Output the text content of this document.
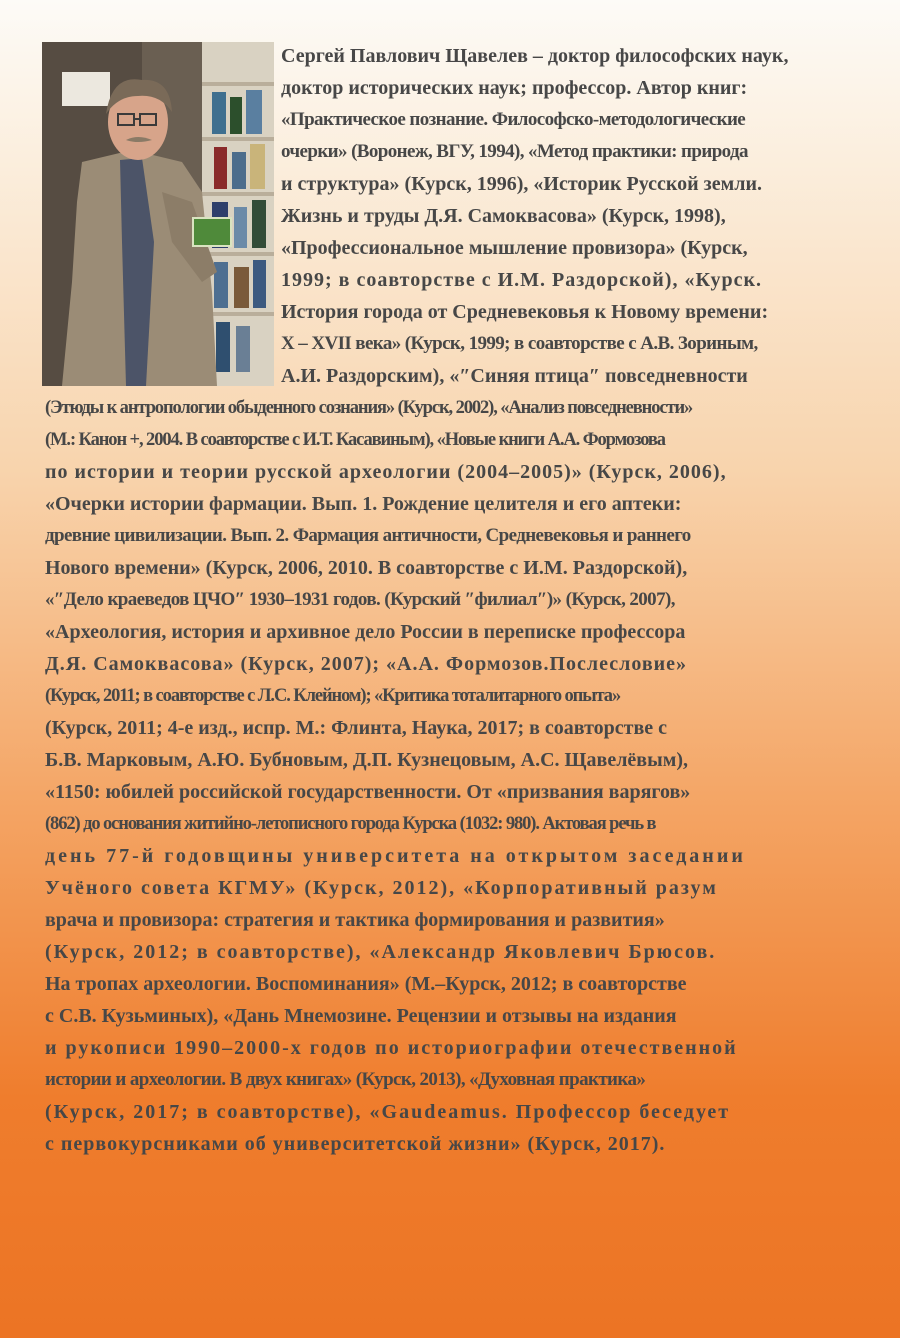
Сергей Павлович Щавелев – доктор философских наук,
доктор исторических наук; профессор. Автор книг:
«Практическое познание. Философско-методологические
очерки» (Воронеж, ВГУ, 1994), «Метод практики: природа
и структура» (Курск, 1996), «Историк Русской земли.
Жизнь и труды Д.Я. Самоквасова» (Курск, 1998),
«Профессиональное мышление провизора» (Курск,
1999; в соавторстве с И.М. Раздорской), «Курск.
История города от Средневековья к Новому времени:
X – XVII века» (Курск, 1999; в соавторстве с А.В. Зориным,
А.И. Раздорским), «″Синяя птица″ повседневности
(Этюды к антропологии обыденного сознания» (Курск, 2002), «Анализ повседневности»
(М.: Канон +, 2004. В соавторстве с И.Т. Касавиным), «Новые книги А.А. Формозова
по истории и теории русской археологии (2004–2005)» (Курск, 2006),
«Очерки истории фармации. Вып. 1. Рождение целителя и его аптеки:
древние цивилизации. Вып. 2. Фармация античности, Средневековья и раннего
Нового времени» (Курск, 2006, 2010. В соавторстве с И.М. Раздорской),
«″Дело краеведов ЦЧО″ 1930–1931 годов. (Курский ″филиал″)» (Курск, 2007),
«Археология, история и архивное дело России в переписке профессора
Д.Я. Самоквасова» (Курск, 2007); «А.А. Формозов.Послесловие»
(Курск, 2011; в соавторстве с Л.С. Клейном); «Критика тоталитарного опыта»
(Курск, 2011; 4-е изд., испр. М.: Флинта, Наука, 2017; в соавторстве с
Б.В. Марковым, А.Ю. Бубновым, Д.П. Кузнецовым, А.С. Щавелёвым),
«1150: юбилей российской государственности. От «призвания варягов»
(862) до основания житийно-летописного города Курска (1032: 980). Актовая речь в
день 77-й годовщины университета на открытом заседании
Учёного совета КГМУ» (Курск, 2012), «Корпоративный разум
врача и провизора: стратегия и тактика формирования и развития»
(Курск, 2012; в соавторстве), «Александр Яковлевич Брюсов.
На тропах археологии. Воспоминания» (М.–Курск, 2012; в соавторстве
с С.В. Кузьминых), «Дань Мнемозине. Рецензии и отзывы на издания
и рукописи 1990–2000-х годов по историографии отечественной
истории и археологии. В двух книгах» (Курск, 2013), «Духовная практика»
(Курск, 2017; в соавторстве), «Gaudeamus. Профессор беседует
с первокурсниками об университетской жизни» (Курск, 2017).
